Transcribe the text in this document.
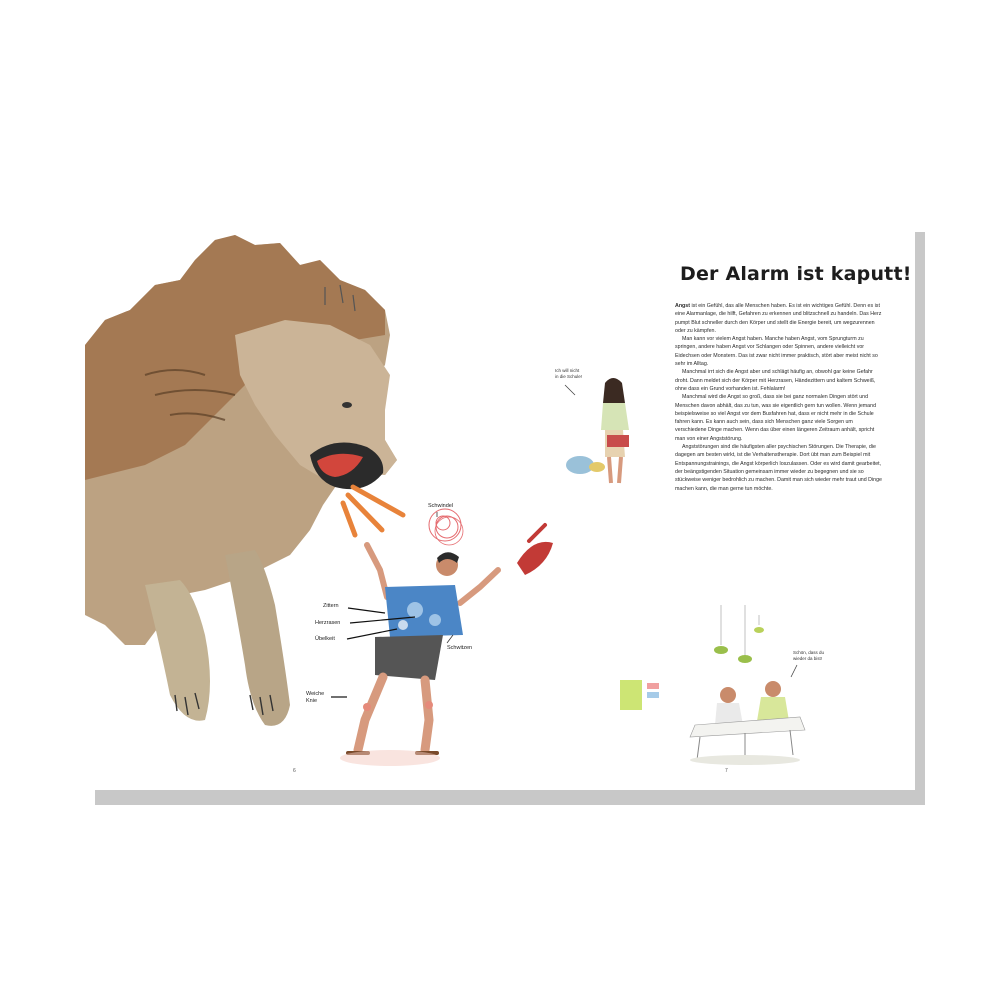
Der Alarm ist kaputt!

Angst ist ein Gefühl, das alle Menschen haben. Es ist ein wichtiges Gefühl. Denn es ist eine Alarmanlage, die hilft, Gefahren zu erkennen und blitzschnell zu handeln. Das Herz pumpt Blut schneller durch den Körper und stellt die Energie bereit, um wegzurennen oder zu kämpfen.

Man kann vor vielem Angst haben. Manche haben Angst, vom Sprungturm zu springen, andere haben Angst vor Schlangen oder Spinnen, andere vielleicht vor Eidechsen oder Monstern. Das ist zwar nicht immer praktisch, stört aber meist nicht so sehr im Alltag.

Manchmal irrt sich die Angst aber und schlägt häufig an, obwohl gar keine Gefahr droht. Dann meldet sich der Körper mit Herzrasen, Händezittern und kaltem Schweiß, ohne dass ein Grund vorhanden ist. Fehlalarm!

Manchmal wird die Angst so groß, dass sie bei ganz normalen Dingen stört und Menschen davon abhält, das zu tun, was sie eigentlich gern tun wollen. Wenn jemand beispielsweise so viel Angst vor dem Busfahren hat, dass er nicht mehr in die Schule fahren kann. Es kann auch sein, dass sich Menschen ganz viele Sorgen um verschiedene Dinge machen. Wenn das über einen längeren Zeitraum anhält, spricht man von einer Angststörung.

Angststörungen sind die häufigsten aller psychischen Störungen. Die Therapie, die dagegen am besten wirkt, ist die Verhaltenstherapie. Dort übt man zum Beispiel mit Entspannungstrainings, die Angst körperlich loszulassen. Oder es wird damit gearbeitet, der beängstigenden Situation gemeinsam immer wieder zu begegnen und sie so stückweise weniger bedrohlich zu machen. Damit man sich wieder mehr traut und Dinge machen kann, die man gerne tun möchte.

Schwindel
Zittern
Herzrasen
Übelkeit
Schwitzen
Weiche
Knie
Ich will nicht
in die Schule!
Schön, dass du
wieder da bist!
6	7
